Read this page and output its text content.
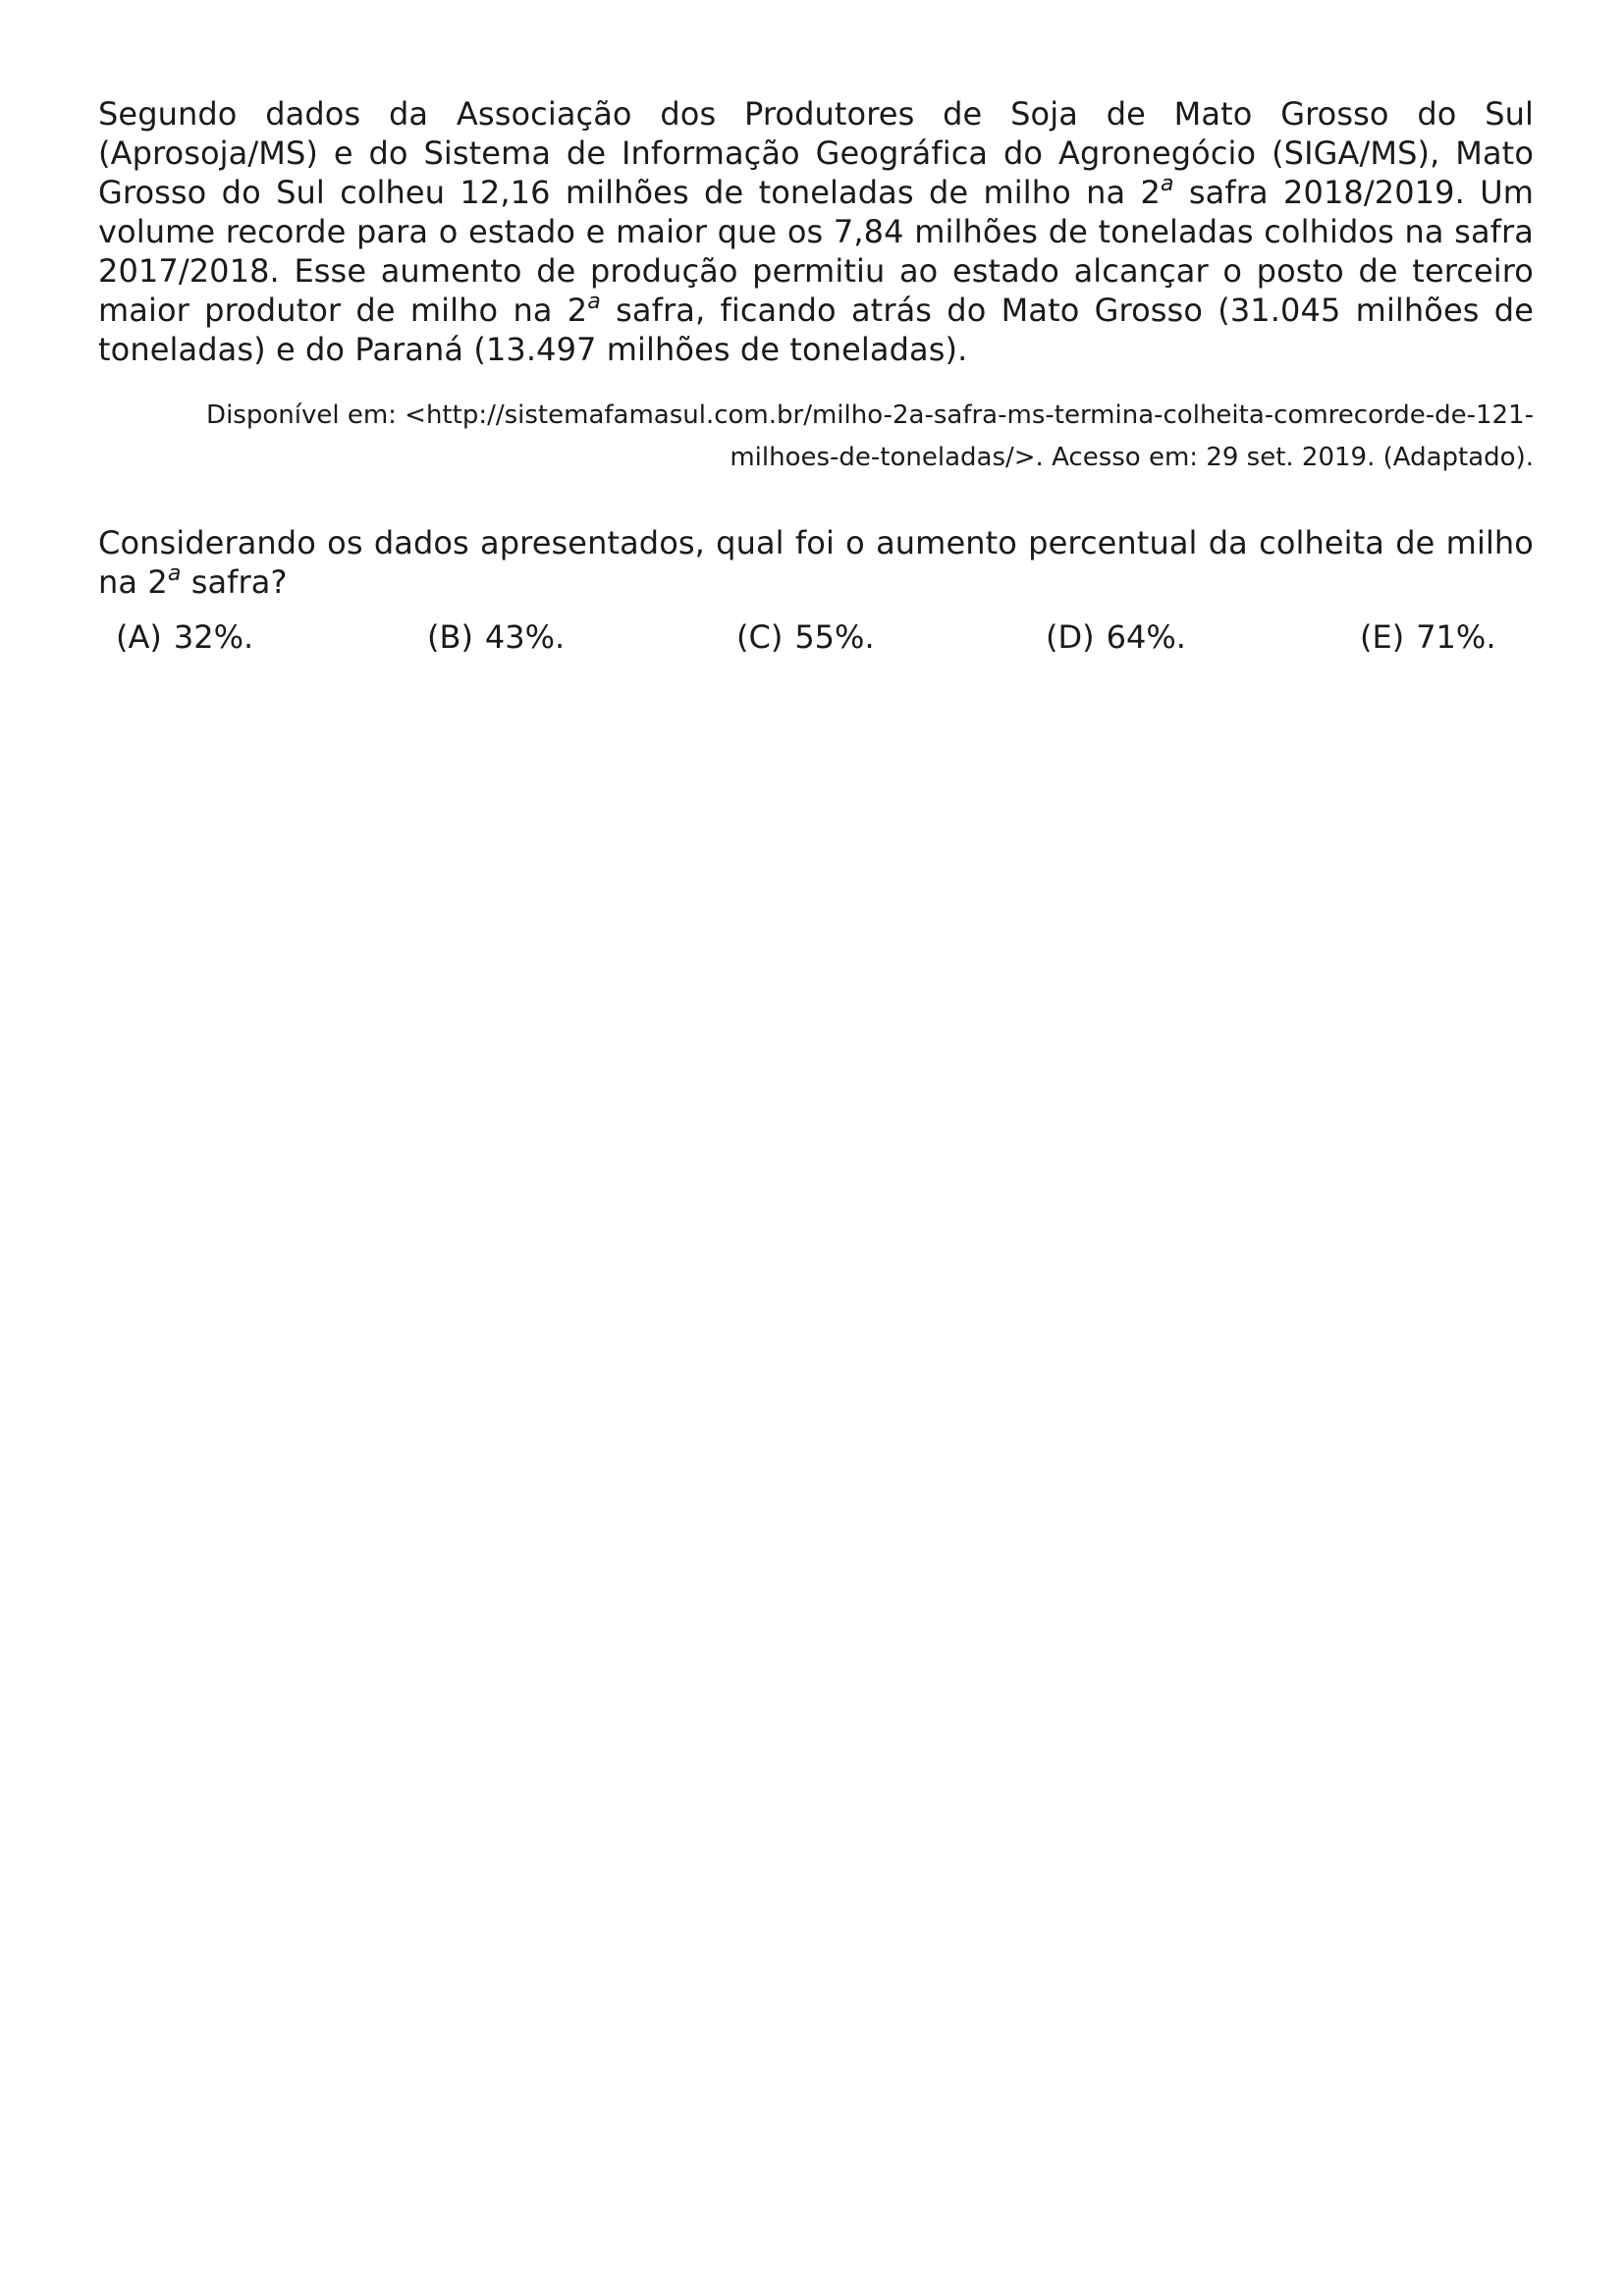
Segundo dados da Associação dos Produtores de Soja de Mato Grosso do Sul (Aprosoja/MS) e do Sistema de Informação Geográfica do Agronegócio (SIGA/MS), Mato Grosso do Sul colheu 12,16 milhões de toneladas de milho na 2$^a$ safra 2018/2019. Um volume recorde para o estado e maior que os 7,84 milhões de toneladas colhidos na safra 2017/2018. Esse aumento de produção permitiu ao estado alcançar o posto de terceiro maior produtor de milho na 2$^a$ safra, ficando atrás do Mato Grosso (31.045 milhões de toneladas) e do Paraná (13.497 milhões de toneladas).

Disponível em: <http://sistemafamasul.com.br/milho-2a-safra-ms-termina-colheita-comrecorde-de-121-
milhoes-de-toneladas/>. Acesso em: 29 set. 2019. (Adaptado).

Considerando os dados apresentados, qual foi o aumento percentual da colheita de milho na 2$^a$ safra?

(A) 32%.	(B) 43%.	(C) 55%.	(D) 64%.	(E) 71%.
